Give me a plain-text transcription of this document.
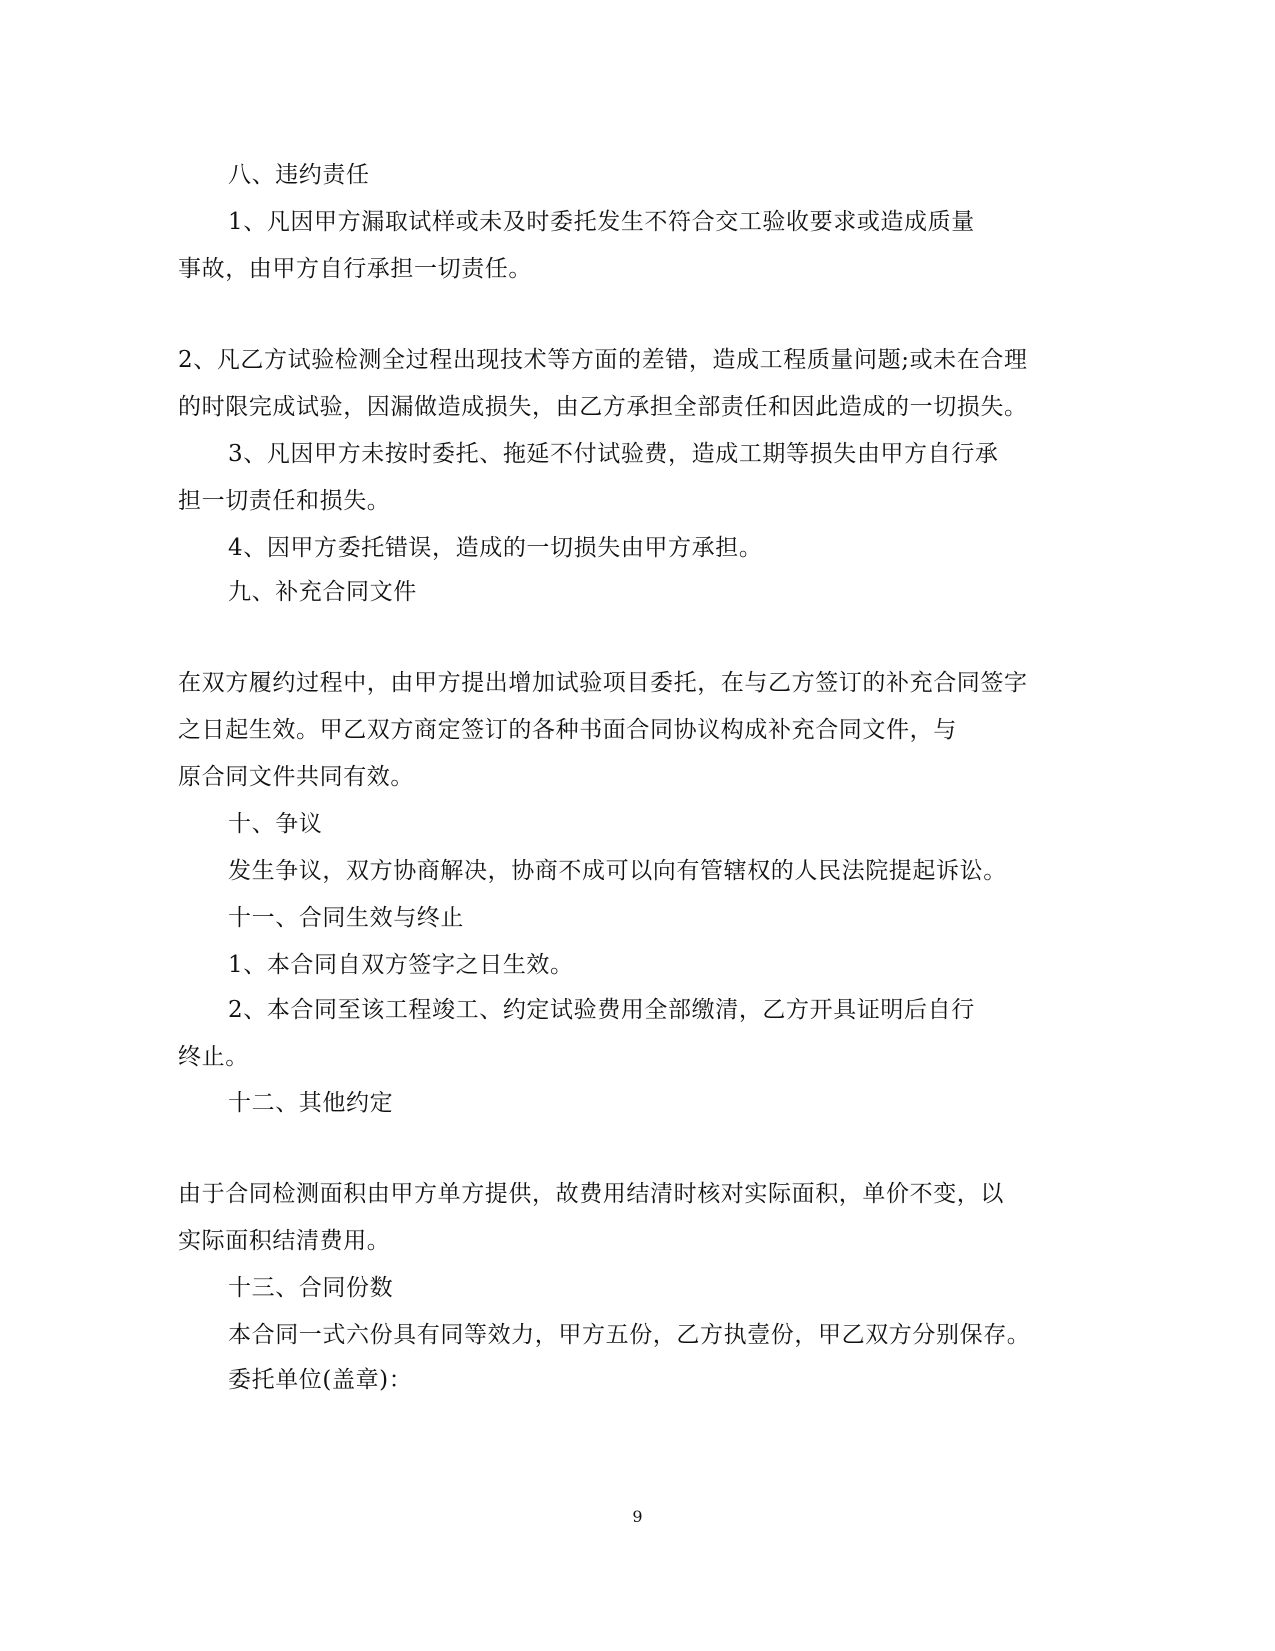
八、违约责任
1、凡因甲方漏取试样或未及时委托发生不符合交工验收要求或造成质量
事故，由甲方自行承担一切责任。
2、凡乙方试验检测全过程出现技术等方面的差错，造成工程质量问题;或未在合理
的时限完成试验，因漏做造成损失，由乙方承担全部责任和因此造成的一切损失。
3、凡因甲方未按时委托、拖延不付试验费，造成工期等损失由甲方自行承
担一切责任和损失。
4、因甲方委托错误，造成的一切损失由甲方承担。
九、补充合同文件
在双方履约过程中，由甲方提出增加试验项目委托，在与乙方签订的补充合同签字
之日起生效。甲乙双方商定签订的各种书面合同协议构成补充合同文件，与
原合同文件共同有效。
十、争议
发生争议，双方协商解决，协商不成可以向有管辖权的人民法院提起诉讼。
十一、合同生效与终止
1、本合同自双方签字之日生效。
2、本合同至该工程竣工、约定试验费用全部缴清，乙方开具证明后自行
终止。
十二、其他约定
由于合同检测面积由甲方单方提供，故费用结清时核对实际面积，单价不变，以
实际面积结清费用。
十三、合同份数
本合同一式六份具有同等效力，甲方五份，乙方执壹份，甲乙双方分别保存。
委托单位(盖章)：
9
